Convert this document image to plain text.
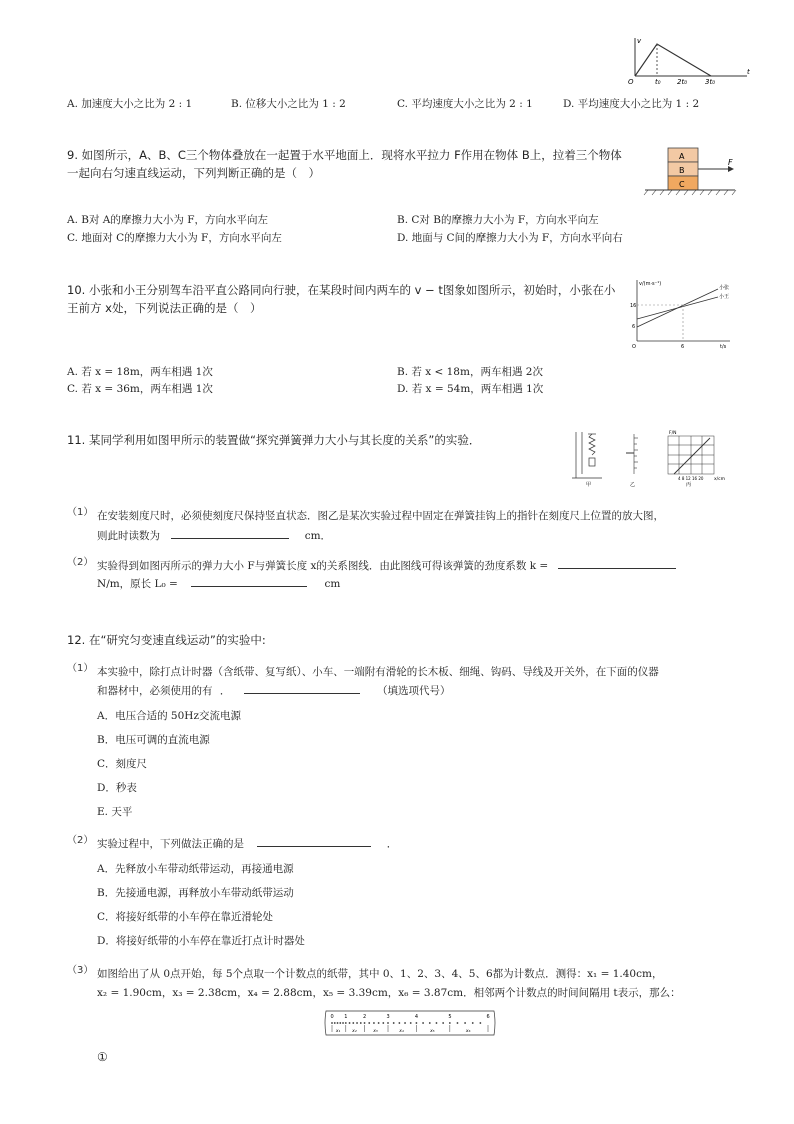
v
t
O	t₀ 2t₀	3t₀
A. 加速度大小之比为 2 : 1	B. 位移大小之比为 1 : 2	C. 平均速度大小之比为 2 : 1	D. 平均速度大小之比为 1 : 2
9. 如图所示，A、B、C三个物体叠放在一起置于水平地面上．现将水平拉力 F作用在物体 B上，拉着三个物体
一起向右匀速直线运动，下列判断正确的是（　）
A
B
C
F
A. B对 A的摩擦力大小为 F，方向水平向左	B. C对 B的摩擦力大小为 F，方向水平向左
C. 地面对 C的摩擦力大小为 F，方向水平向左	D. 地面与 C间的摩擦力大小为 F，方向水平向右
10. 小张和小王分别驾车沿平直公路同向行驶，在某段时间内两车的 v − t图象如图所示，初始时，小张在小
王前方 x处，下列说法正确的是（　）
v/(m·s⁻¹)
t/s
16
6
6
O
小张
小王
A. 若 x = 18m，两车相遇 1次	B. 若 x < 18m，两车相遇 2次
C. 若 x = 36m，两车相遇 1次	D. 若 x = 54m，两车相遇 1次
11. 某同学利用如图甲所示的装置做“探究弹簧弹力大小与其长度的关系”的实验．
甲	乙
F/N
4 8 12 16 20 x/cm
丙
（1） 在安装刻度尺时，必须使刻度尺保持竖直状态．图乙是某次实验过程中固定在弹簧挂钩上的指针在刻度尺上位置的放大图，
则此时读数为	cm．
（2） 实验得到如图丙所示的弹力大小 F与弹簧长度 x的关系图线．由此图线可得该弹簧的劲度系数 k =
N/m，原长 L₀ =	cm
12. 在“研究匀变速直线运动”的实验中:
（1） 本实验中，除打点计时器（含纸带、复写纸）、小车、一端附有滑轮的长木板、细绳、钩码、导线及开关外，在下面的仪器
和器材中，必须使用的有 ．	（填选项代号）
A．电压合适的 50Hz交流电源
B．电压可调的直流电源
C．刻度尺
D．秒表
E. 天平
（2） 实验过程中，下列做法正确的是	．
A．先释放小车带动纸带运动，再接通电源
B．先接通电源，再释放小车带动纸带运动
C．将接好纸带的小车停在靠近滑轮处
D．将接好纸带的小车停在靠近打点计时器处
（3） 如图给出了从 0点开始，每 5个点取一个计数点的纸带，其中 0、1、2、3、4、5、6都为计数点．测得：x₁ = 1.40cm，
x₂ = 1.90cm，x₃ = 2.38cm，x₄ = 2.88cm，x₅ = 3.39cm，x₆ = 3.87cm．相邻两个计数点的时间间隔用 t表示，那么：
0 1	2	3	4	5	6
x₁	x₂	x₃	x₄	x₅	x₆
①
